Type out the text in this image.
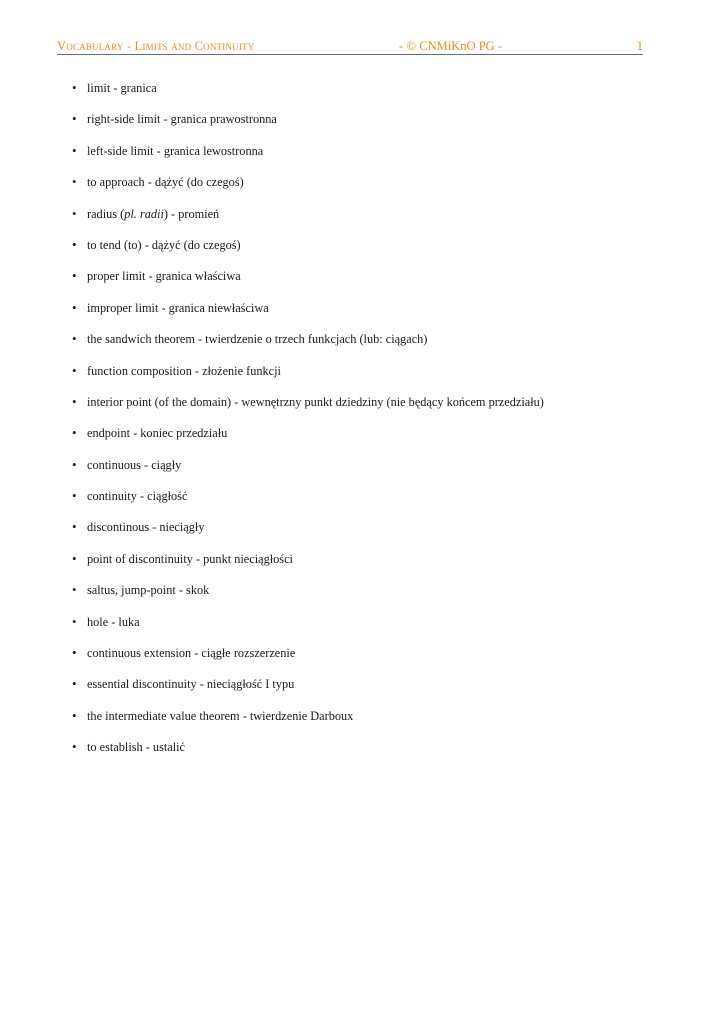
Vocabulary - Limits and Continuity	- © CNMiKnO PG -	1
• limit - granica
• right-side limit - granica prawostronna
• left-side limit - granica lewostronna
• to approach - dążyć (do czegoś)
• radius (pl. radii) - promień
• to tend (to) - dążyć (do czegoś)
• proper limit - granica właściwa
• improper limit - granica niewłaściwa
• the sandwich theorem - twierdzenie o trzech funkcjach (lub: ciągach)
• function composition - złożenie funkcji
• interior point (of the domain) - wewnętrzny punkt dziedziny (nie będący końcem przedziału)
• endpoint - koniec przedziału
• continuous - ciągły
• continuity - ciągłość
• discontinous - nieciągły
• point of discontinuity - punkt nieciągłości
• saltus, jump-point - skok
• hole - luka
• continuous extension - ciągłe rozszerzenie
• essential discontinuity - nieciągłość I typu
• the intermediate value theorem - twierdzenie Darboux
• to establish - ustalić
